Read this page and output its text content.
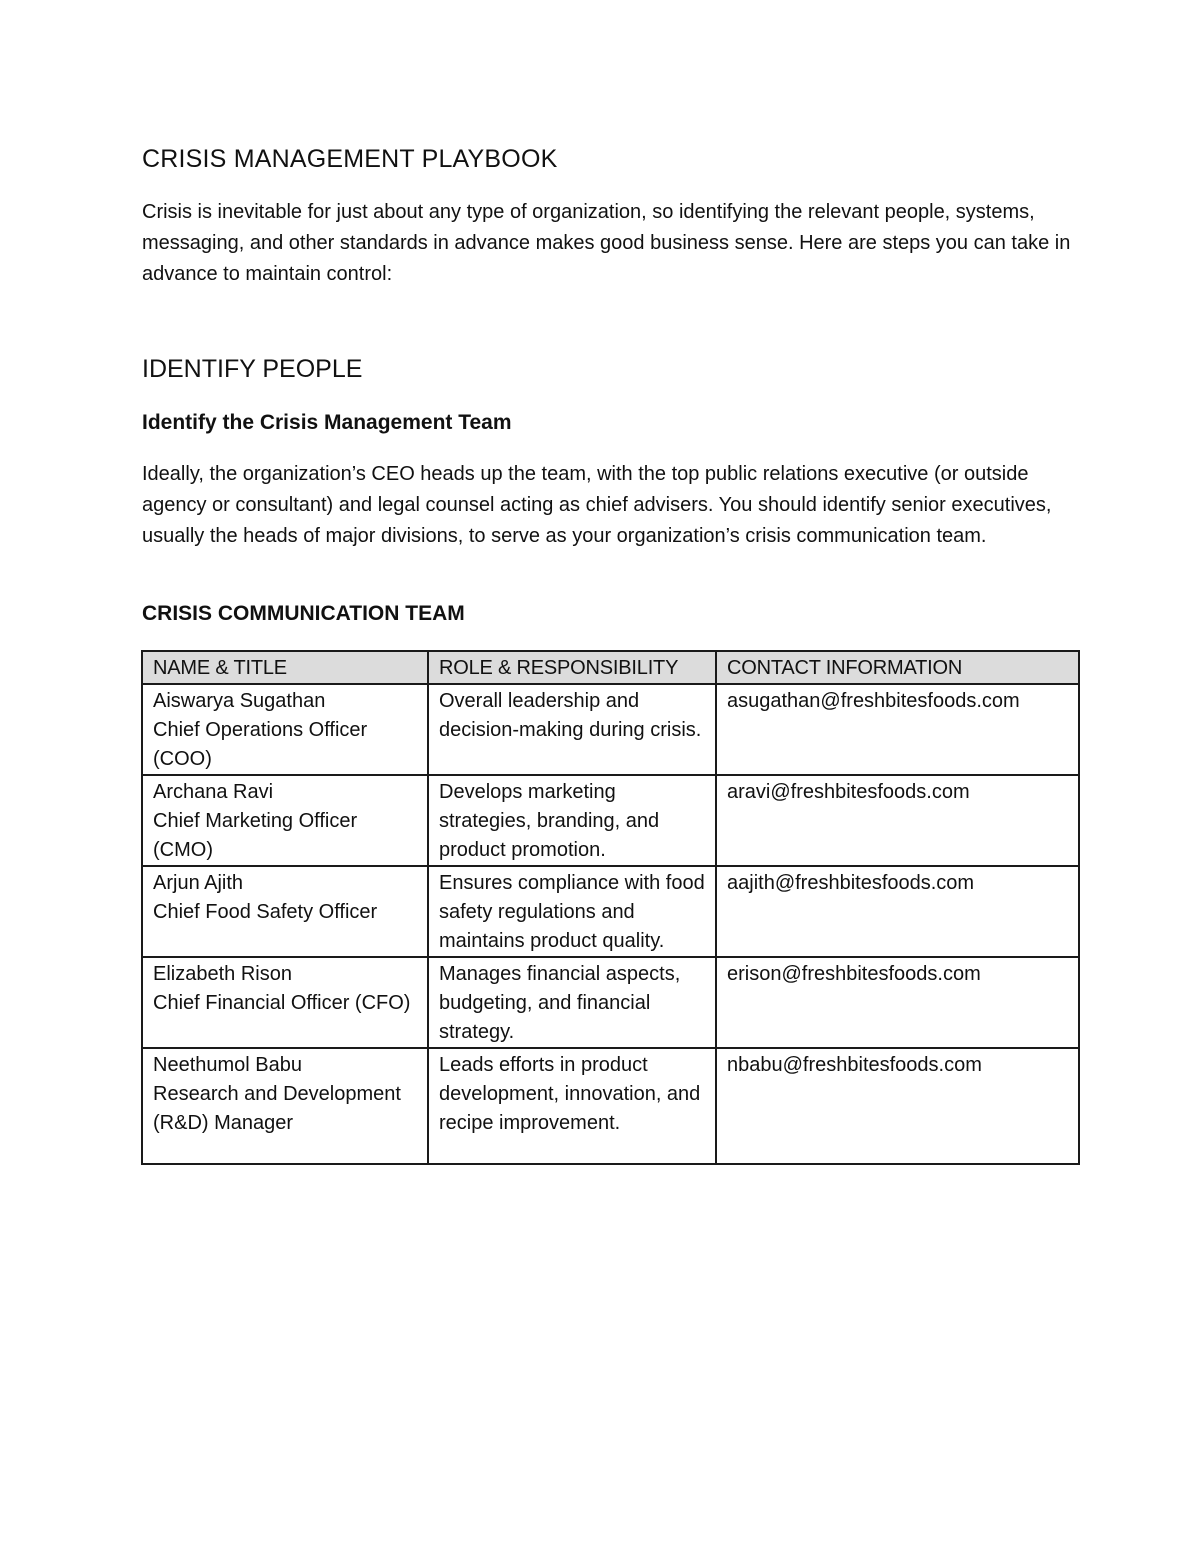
CRISIS MANAGEMENT PLAYBOOK

Crisis is inevitable for just about any type of organization, so identifying the relevant people, systems, messaging, and other standards in advance makes good business sense. Here are steps you can take in advance to maintain control:

IDENTIFY PEOPLE
Identify the Crisis Management Team

Ideally, the organization’s CEO heads up the team, with the top public relations executive (or outside agency or consultant) and legal counsel acting as chief advisers. You should identify senior executives, usually the heads of major divisions, to serve as your organization’s crisis communication team.

CRISIS COMMUNICATION TEAM
NAME & TITLE	ROLE & RESPONSIBILITY	CONTACT INFORMATION

Aiswarya Sugathan
Chief Operations Officer (COO)	Overall leadership and decision-making during crisis.	asugathan@freshbitesfoods.com

Archana Ravi
Chief Marketing Officer (CMO)	Develops marketing strategies, branding, and product promotion.	aravi@freshbitesfoods.com

Arjun Ajith
Chief Food Safety Officer	Ensures compliance with food safety regulations and maintains product quality.	aajith@freshbitesfoods.com

Elizabeth Rison
Chief Financial Officer (CFO)	Manages financial aspects, budgeting, and financial strategy.	erison@freshbitesfoods.com

Neethumol Babu
Research and Development (R&D) Manager	Leads efforts in product development, innovation, and recipe improvement.	nbabu@freshbitesfoods.com
